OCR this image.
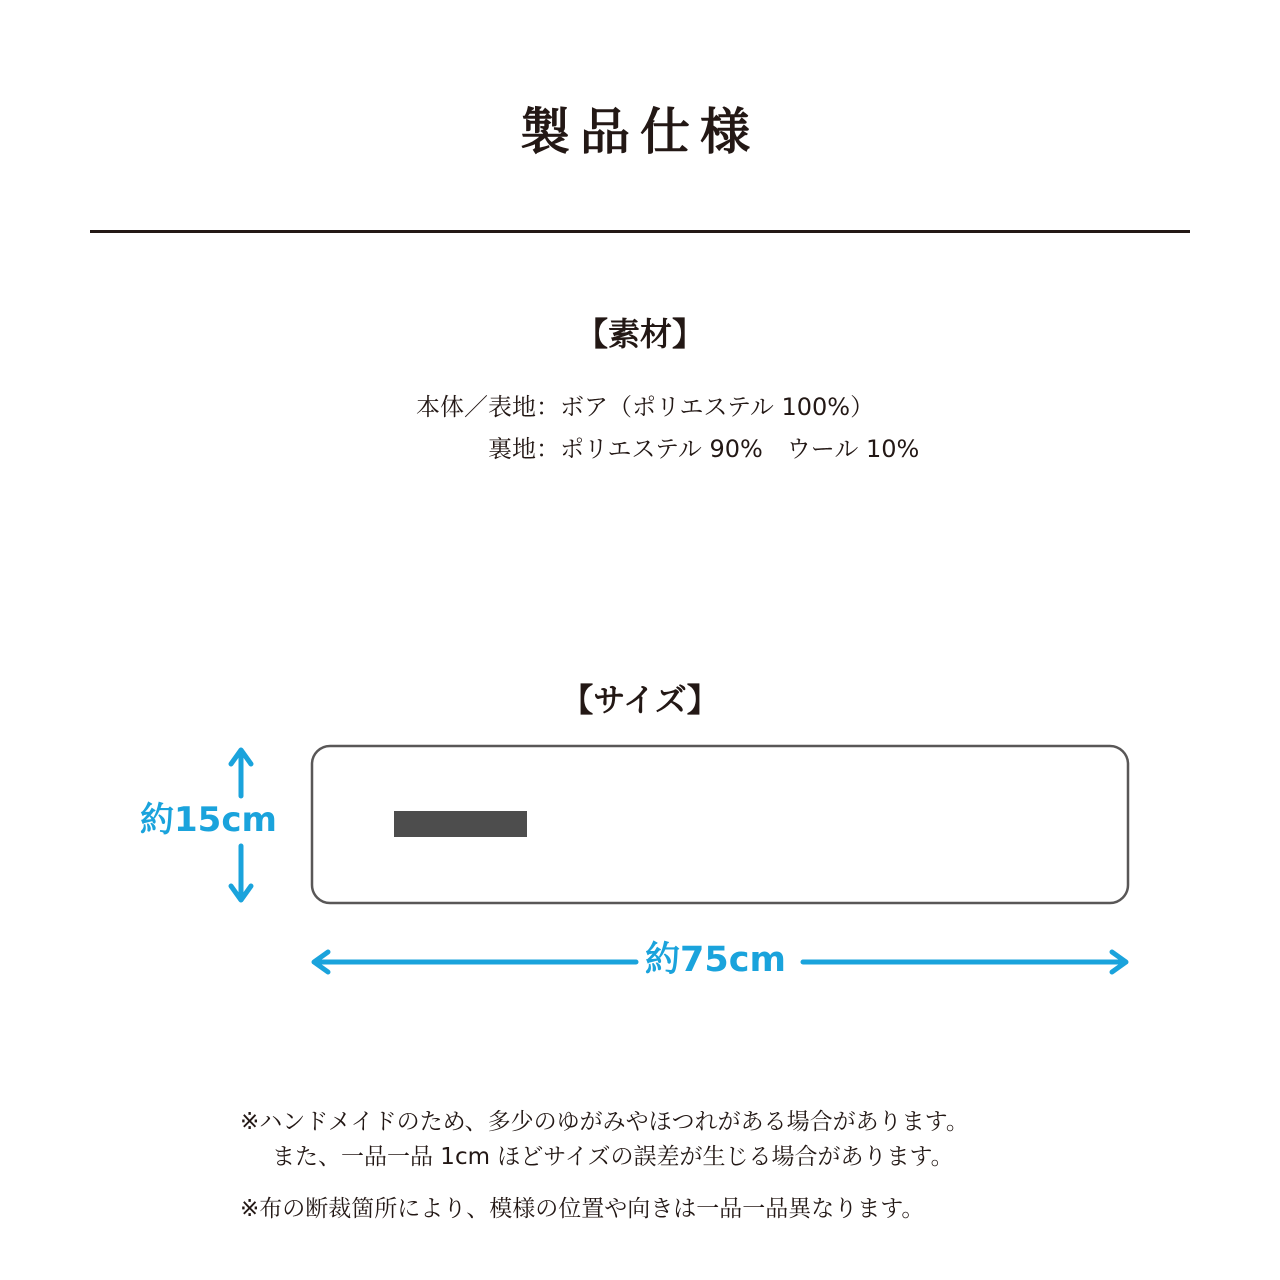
製品仕様
【素材】
本体／表地：ボア（ポリエステル 100%）
裏地：ポリエステル 90%　ウール 10%
【サイズ】
約15cm
約75cm
※ハンドメイドのため、多少のゆがみやほつれがある場合があります。
また、一品一品 1cm ほどサイズの誤差が生じる場合があります。
※布の断裁箇所により、模様の位置や向きは一品一品異なります。
